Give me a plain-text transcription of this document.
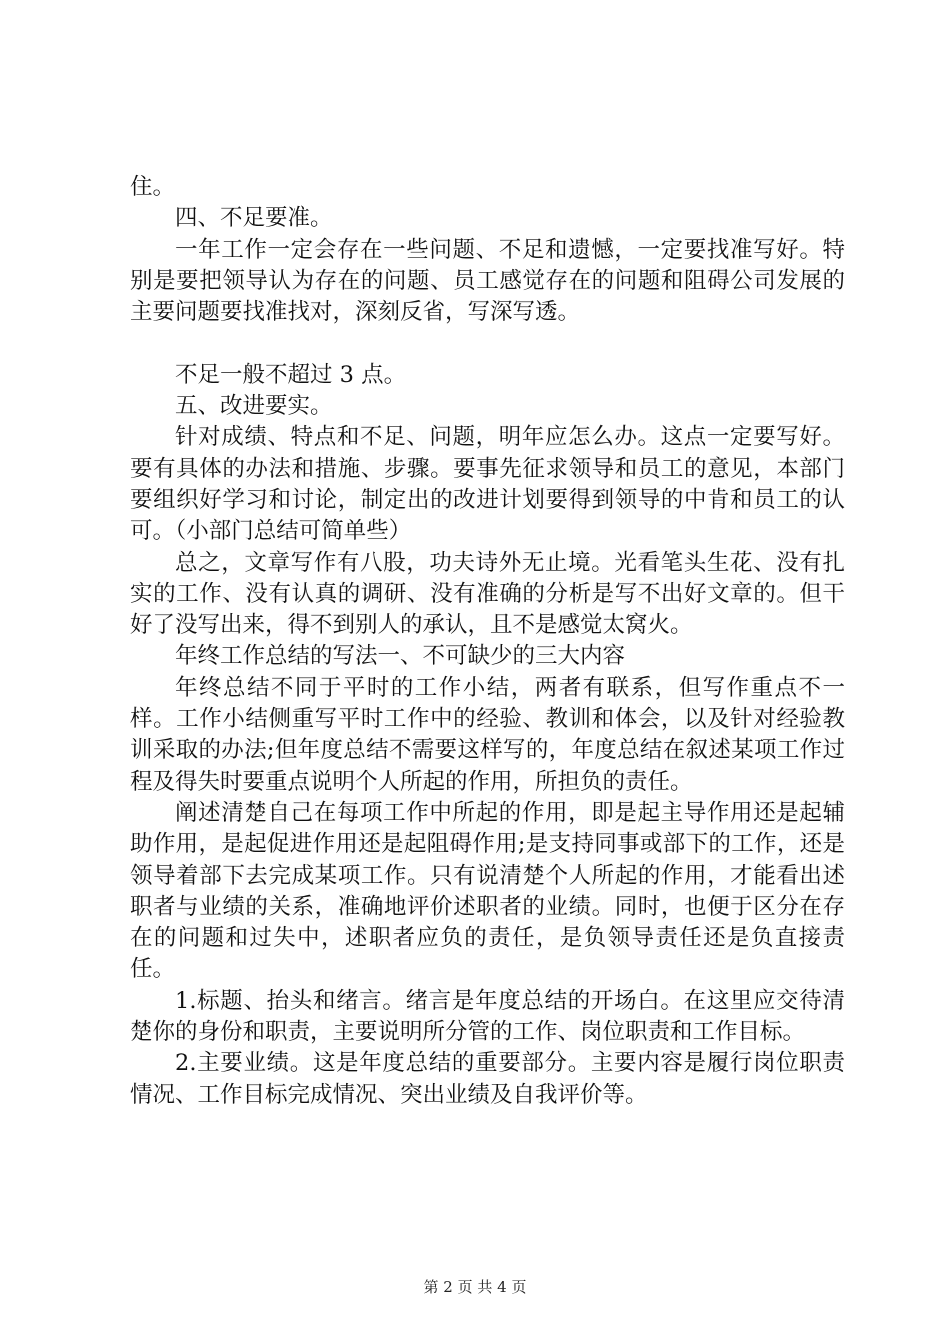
住。

四、不足要准。

一年工作一定会存在一些问题、不足和遗憾，一定要找准写好。特别是要把领导认为存在的问题、员工感觉存在的问题和阻碍公司发展的主要问题要找准找对，深刻反省，写深写透。

不足一般不超过 3 点。

五、改进要实。

针对成绩、特点和不足、问题，明年应怎么办。这点一定要写好。要有具体的办法和措施、步骤。要事先征求领导和员工的意见，本部门要组织好学习和讨论，制定出的改进计划要得到领导的中肯和员工的认可。（小部门总结可简单些）

总之，文章写作有八股，功夫诗外无止境。光看笔头生花、没有扎实的工作、没有认真的调研、没有准确的分析是写不出好文章的。但干好了没写出来，得不到别人的承认，且不是感觉太窝火。

年终工作总结的写法一、不可缺少的三大内容

年终总结不同于平时的工作小结，两者有联系，但写作重点不一样。工作小结侧重写平时工作中的经验、教训和体会，以及针对经验教训采取的办法;但年度总结不需要这样写的，年度总结在叙述某项工作过程及得失时要重点说明个人所起的作用，所担负的责任。

阐述清楚自己在每项工作中所起的作用，即是起主导作用还是起辅助作用，是起促进作用还是起阻碍作用;是支持同事或部下的工作，还是领导着部下去完成某项工作。只有说清楚个人所起的作用，才能看出述职者与业绩的关系，准确地评价述职者的业绩。同时，也便于区分在存在的问题和过失中，述职者应负的责任，是负领导责任还是负直接责任。

1.标题、抬头和绪言。绪言是年度总结的开场白。在这里应交待清楚你的身份和职责，主要说明所分管的工作、岗位职责和工作目标。

2.主要业绩。这是年度总结的重要部分。主要内容是履行岗位职责情况、工作目标完成情况、突出业绩及自我评价等。

第 2 页 共 4 页
